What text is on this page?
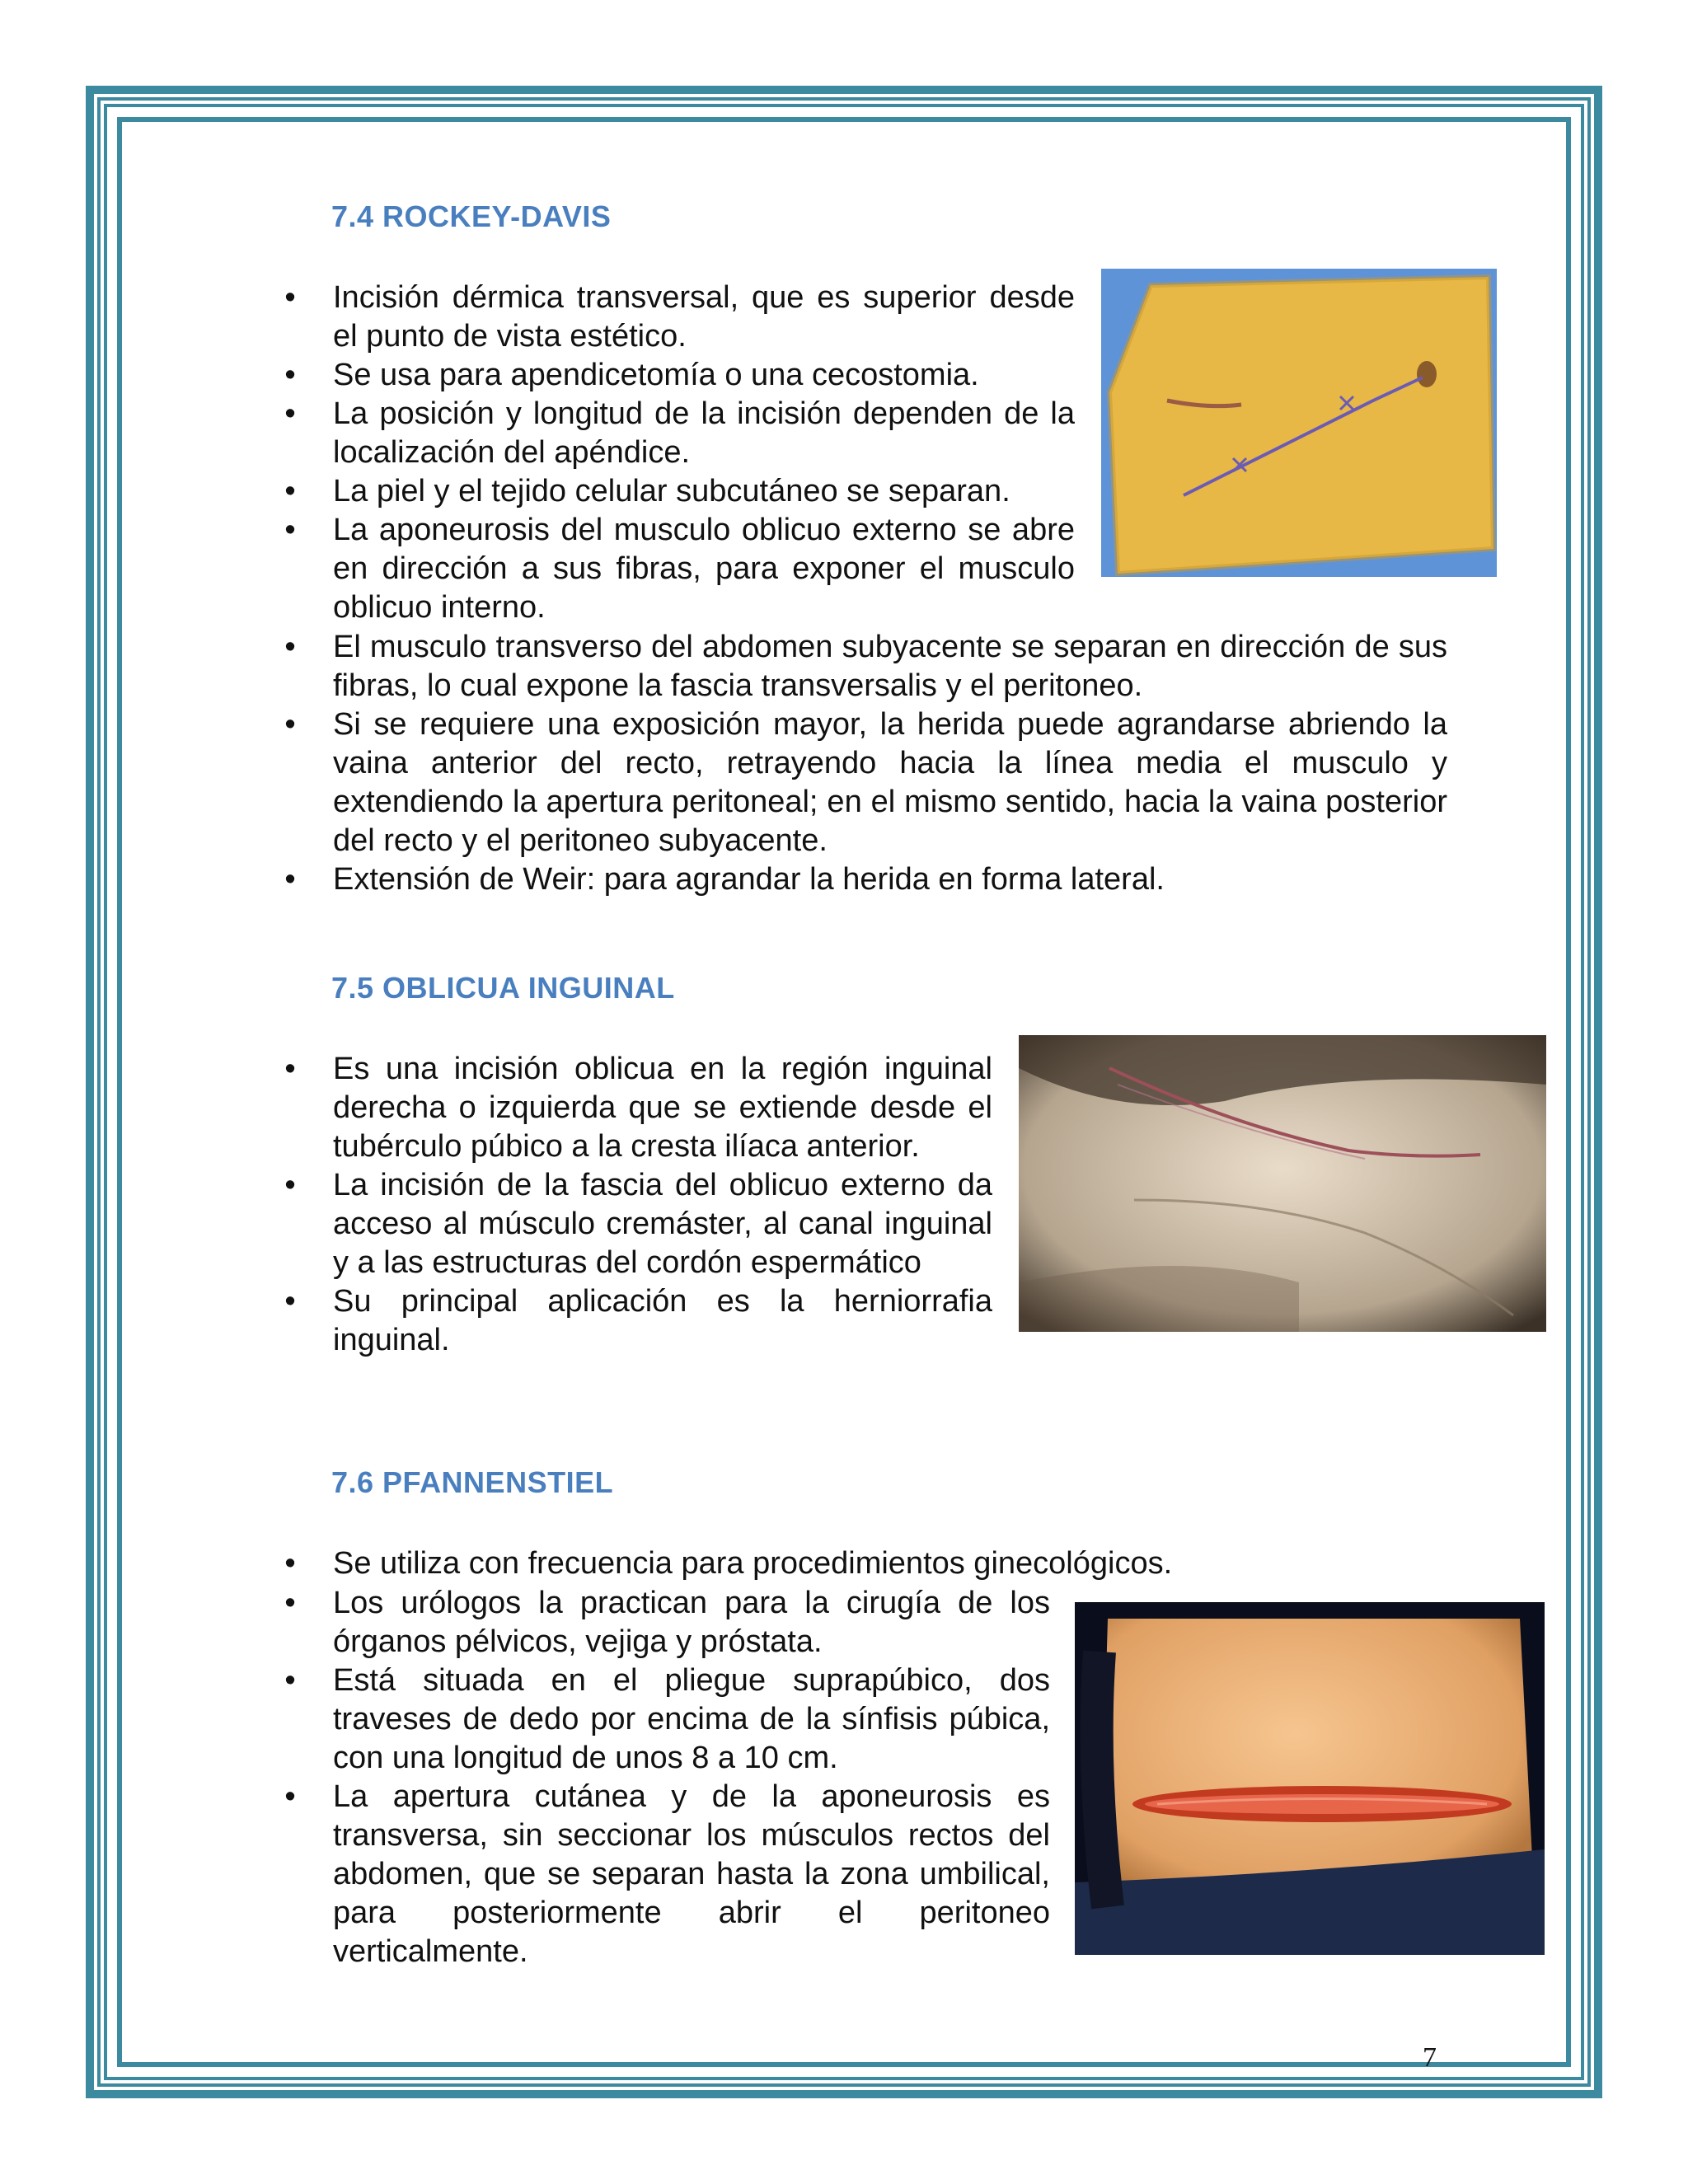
7.4 ROCKEY-DAVIS
• Incisión dérmica transversal, que es superior desde el punto de vista estético.
• Se usa para apendicetomía o una cecostomia.
• La posición y longitud de la incisión dependen de la localización del apéndice.
• La piel y el tejido celular subcutáneo se separan.
• La aponeurosis del musculo oblicuo externo se abre en dirección a sus fibras, para exponer el musculo oblicuo interno.
• El musculo transverso del abdomen subyacente se separan en dirección de sus fibras, lo cual expone la fascia transversalis y el peritoneo.
• Si se requiere una exposición mayor, la herida puede agrandarse abriendo la vaina anterior del recto, retrayendo hacia la línea media el musculo y extendiendo la apertura peritoneal; en el mismo sentido, hacia la vaina posterior del recto y el peritoneo subyacente.
• Extensión de Weir: para agrandar la herida en forma lateral.
7.5 OBLICUA INGUINAL
• Es una incisión oblicua en la región inguinal derecha o izquierda que se extiende desde el tubérculo púbico a la cresta ilíaca anterior.
• La incisión de la fascia del oblicuo externo da acceso al músculo cremáster, al canal inguinal y a las estructuras del cordón espermático
• Su principal aplicación es la herniorrafia inguinal.
7.6 PFANNENSTIEL
• Se utiliza con frecuencia para procedimientos ginecológicos.
• Los urólogos la practican para la cirugía de los órganos pélvicos, vejiga y próstata.
• Está situada en el pliegue suprapúbico, dos traveses de dedo por encima de la sínfisis púbica, con una longitud de unos 8 a 10 cm.
• La apertura cutánea y de la aponeurosis es transversa, sin seccionar los músculos rectos del abdomen, que se separan hasta la zona umbilical, para posteriormente abrir el peritoneo verticalmente.
7
